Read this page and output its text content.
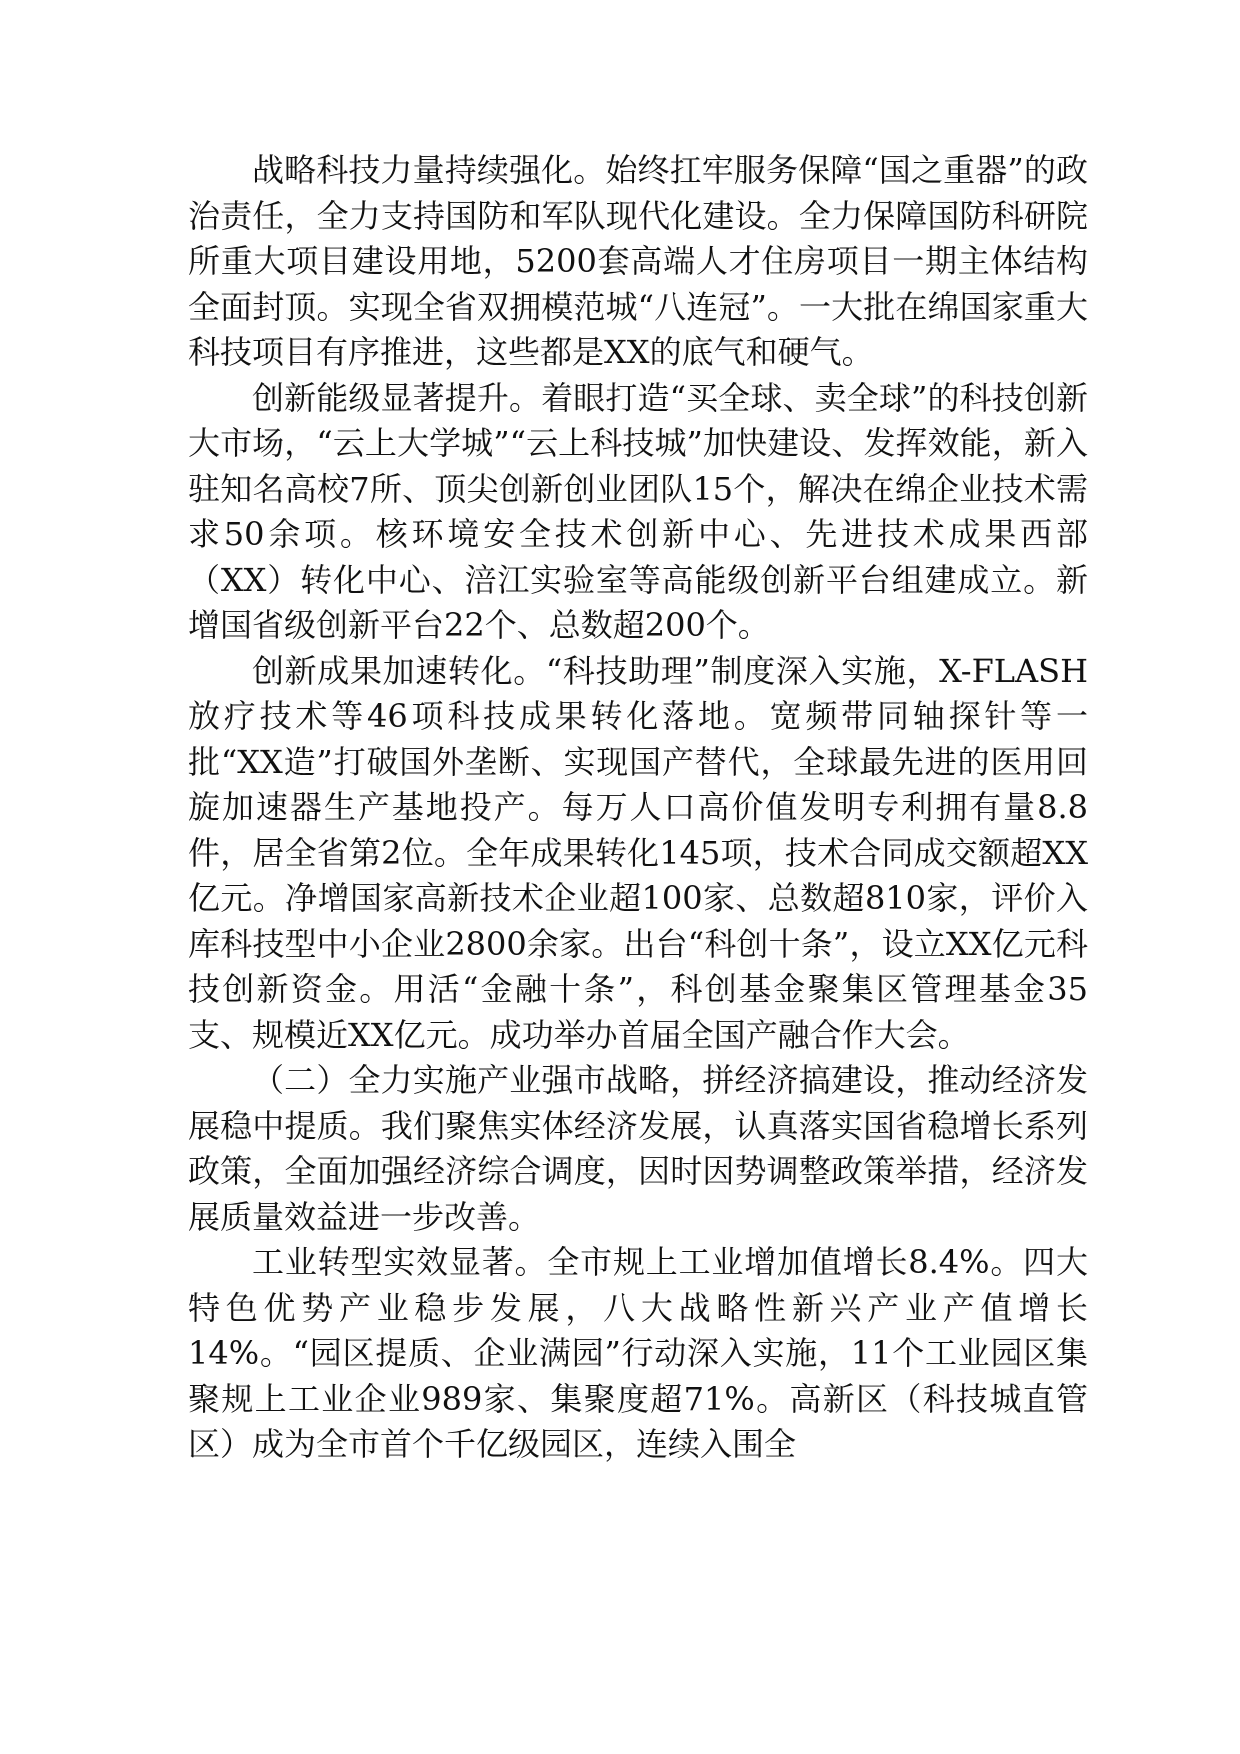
战略科技力量持续强化。始终扛牢服务保障“国之重器”的政治责任，全力支持国防和军队现代化建设。全力保障国防科研院所重大项目建设用地，5200套高端人才住房项目一期主体结构全面封顶。实现全省双拥模范城“八连冠”。一大批在绵国家重大科技项目有序推进，这些都是XX的底气和硬气。

创新能级显著提升。着眼打造“买全球、卖全球”的科技创新大市场，“云上大学城”“云上科技城”加快建设、发挥效能，新入驻知名高校7所、顶尖创新创业团队15个，解决在绵企业技术需求50余项。核环境安全技术创新中心、先进技术成果西部（XX）转化中心、涪江实验室等高能级创新平台组建成立。新增国省级创新平台22个、总数超200个。

创新成果加速转化。“科技助理”制度深入实施，X-FLASH放疗技术等46项科技成果转化落地。宽频带同轴探针等一批“XX造”打破国外垄断、实现国产替代，全球最先进的医用回旋加速器生产基地投产。每万人口高价值发明专利拥有量8.8件，居全省第2位。全年成果转化145项，技术合同成交额超XX亿元。净增国家高新技术企业超100家、总数超810家，评价入库科技型中小企业2800余家。出台“科创十条”，设立XX亿元科技创新资金。用活“金融十条”，科创基金聚集区管理基金35支、规模近XX亿元。成功举办首届全国产融合作大会。

（二）全力实施产业强市战略，拼经济搞建设，推动经济发展稳中提质。我们聚焦实体经济发展，认真落实国省稳增长系列政策，全面加强经济综合调度，因时因势调整政策举措，经济发展质量效益进一步改善。

工业转型实效显著。全市规上工业增加值增长8.4%。四大特色优势产业稳步发展，八大战略性新兴产业产值增长14%。“园区提质、企业满园”行动深入实施，11个工业园区集聚规上工业企业989家、集聚度超71%。高新区（科技城直管区）成为全市首个千亿级园区，连续入围全
